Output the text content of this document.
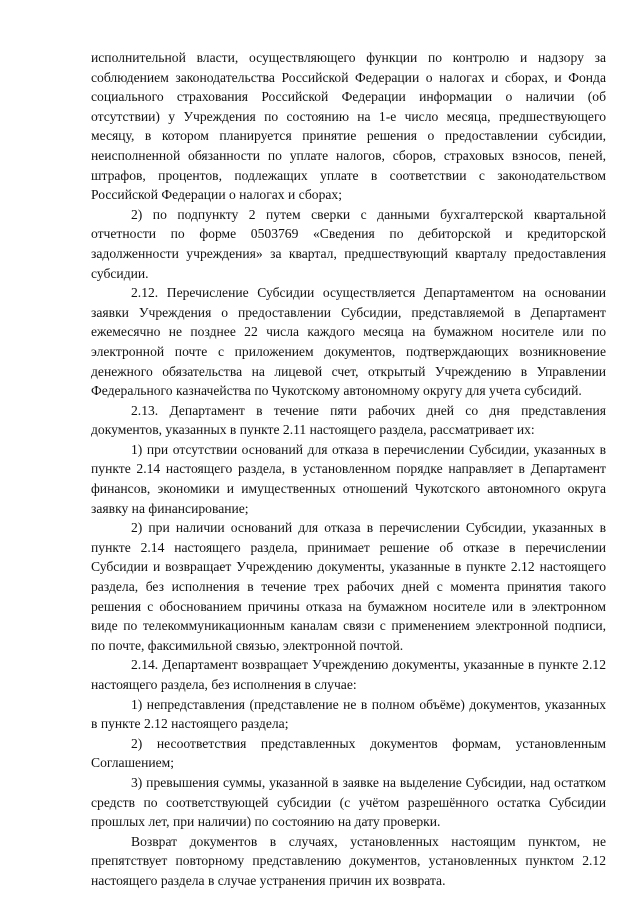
исполнительной власти, осуществляющего функции по контролю и надзору за соблюдением законодательства Российской Федерации о налогах и сборах, и Фонда социального страхования Российской Федерации информации о наличии (об отсутствии) у Учреждения по состоянию на 1-е число месяца, предшествующего месяцу, в котором планируется принятие решения о предоставлении субсидии, неисполненной обязанности по уплате налогов, сборов, страховых взносов, пеней, штрафов, процентов, подлежащих уплате в соответствии с законодательством Российской Федерации о налогах и сборах;

2) по подпункту 2 путем сверки с данными бухгалтерской квартальной отчетности по форме 0503769 «Сведения по дебиторской и кредиторской задолженности учреждения» за квартал, предшествующий кварталу предоставления субсидии.

2.12. Перечисление Субсидии осуществляется Департаментом на основании заявки Учреждения о предоставлении Субсидии, представляемой в Департамент ежемесячно не позднее 22 числа каждого месяца на бумажном носителе или по электронной почте с приложением документов, подтверждающих возникновение денежного обязательства на лицевой счет, открытый Учреждению в Управлении Федерального казначейства по Чукотскому автономному округу для учета субсидий.

2.13. Департамент в течение пяти рабочих дней со дня представления документов, указанных в пункте 2.11 настоящего раздела, рассматривает их:

1) при отсутствии оснований для отказа в перечислении Субсидии, указанных в пункте 2.14 настоящего раздела, в установленном порядке направляет в Департамент финансов, экономики и имущественных отношений Чукотского автономного округа заявку на финансирование;

2) при наличии оснований для отказа в перечислении Субсидии, указанных в пункте 2.14 настоящего раздела, принимает решение об отказе в перечислении Субсидии и возвращает Учреждению документы, указанные в пункте 2.12 настоящего раздела, без исполнения в течение трех рабочих дней с момента принятия такого решения с обоснованием причины отказа на бумажном носителе или в электронном виде по телекоммуникационным каналам связи с применением электронной подписи, по почте, факсимильной связью, электронной почтой.

2.14. Департамент возвращает Учреждению документы, указанные в пункте 2.12 настоящего раздела, без исполнения в случае:

1) непредставления (представление не в полном объёме) документов, указанных в пункте 2.12 настоящего раздела;

2) несоответствия представленных документов формам, установленным Соглашением;

3) превышения суммы, указанной в заявке на выделение Субсидии, над остатком средств по соответствующей субсидии (с учётом разрешённого остатка Субсидии прошлых лет, при наличии) по состоянию на дату проверки.

Возврат документов в случаях, установленных настоящим пунктом, не препятствует повторному представлению документов, установленных пунктом 2.12 настоящего раздела в случае устранения причин их возврата.
